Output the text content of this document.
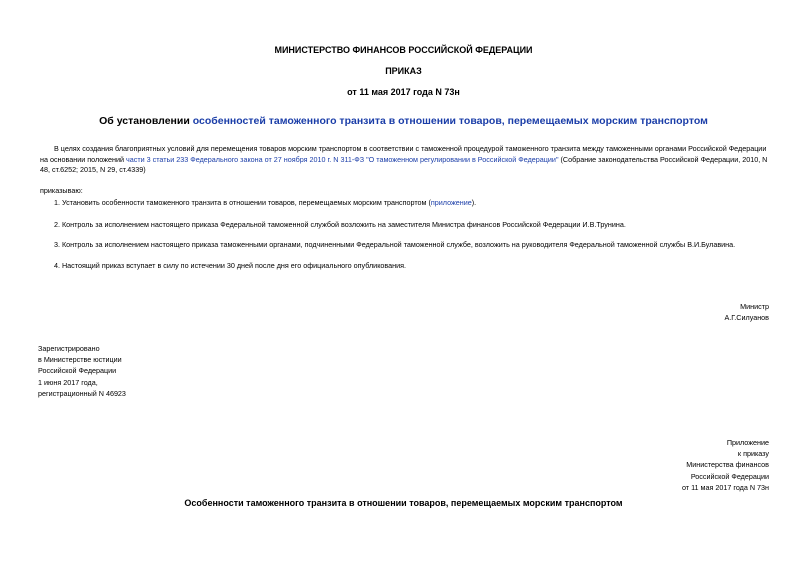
МИНИСТЕРСТВО ФИНАНСОВ РОССИЙСКОЙ ФЕДЕРАЦИИ
ПРИКАЗ
от 11 мая 2017 года N 73н
Об установлении особенностей таможенного транзита в отношении товаров, перемещаемых морским транспортом
В целях создания благоприятных условий для перемещения товаров морским транспортом в соответствии с таможенной процедурой таможенного транзита между таможенными органами Российской Федерации на основании положений части 3 статьи 233 Федерального закона от 27 ноября 2010 г. N 311-ФЗ "О таможенном регулировании в Российской Федерации" (Собрание законодательства Российской Федерации, 2010, N 48, ст.6252; 2015, N 29, ст.4339)
приказываю:
1. Установить особенности таможенного транзита в отношении товаров, перемещаемых морским транспортом (приложение).
2. Контроль за исполнением настоящего приказа Федеральной таможенной службой возложить на заместителя Министра финансов Российской Федерации И.В.Трунина.
3. Контроль за исполнением настоящего приказа таможенными органами, подчиненными Федеральной таможенной службе, возложить на руководителя Федеральной таможенной службы В.И.Булавина.
4. Настоящий приказ вступает в силу по истечении 30 дней после дня его официального опубликования.
Министр
А.Г.Силуанов
Зарегистрировано
в Министерстве юстиции
Российской Федерации
1 июня 2017 года,
регистрационный N 46923
Приложение
к приказу
Министерства финансов
Российской Федерации
от 11 мая 2017 года N 73н
Особенности таможенного транзита в отношении товаров, перемещаемых морским транспортом
